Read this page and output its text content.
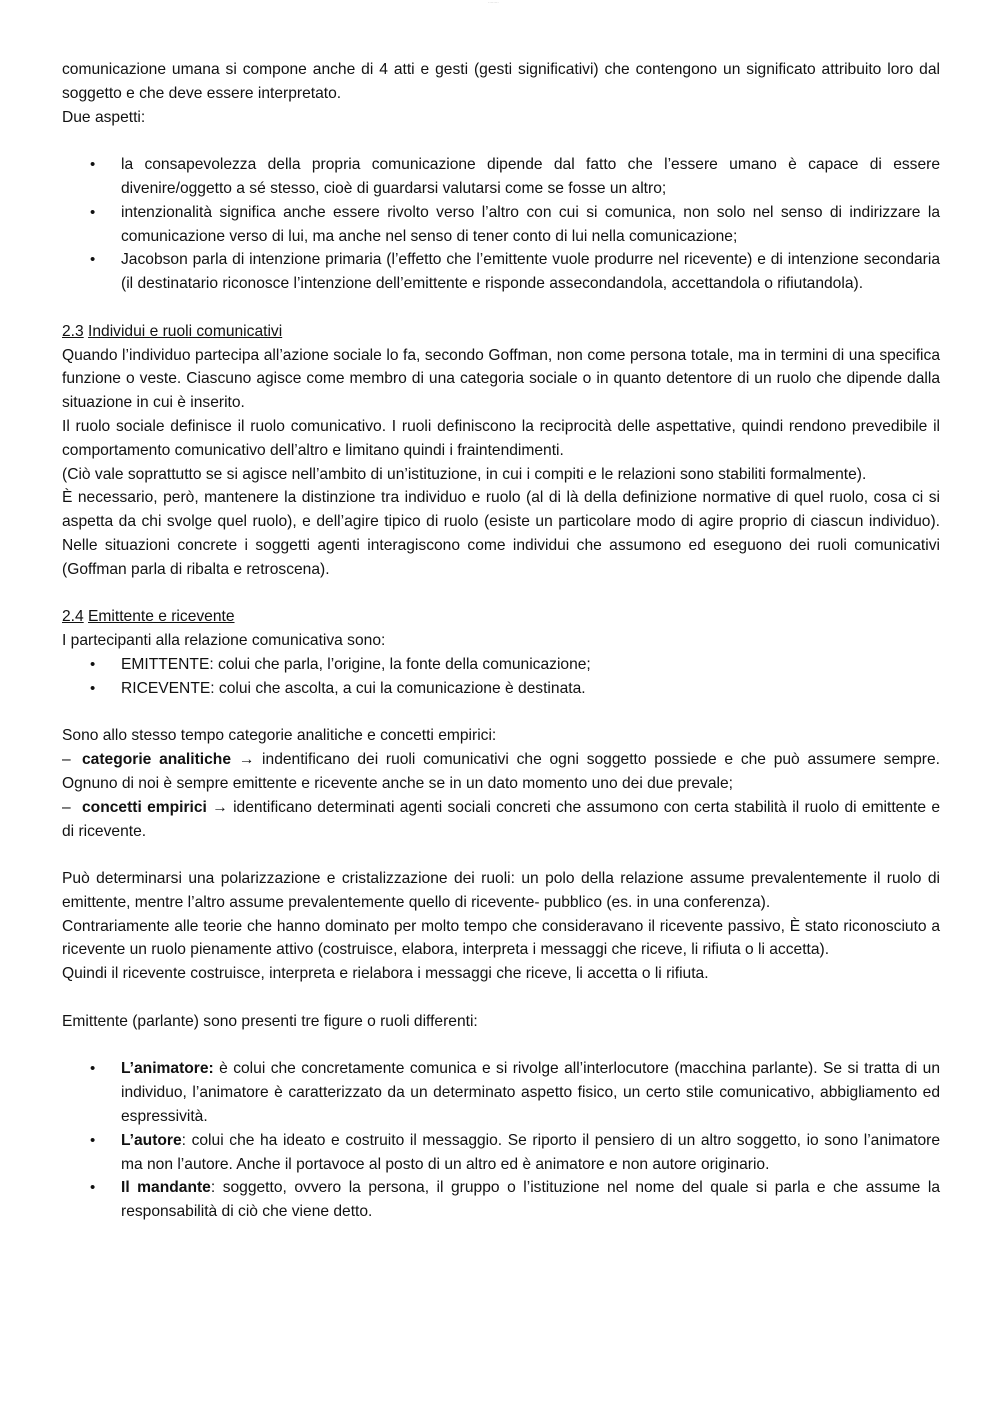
········

comunicazione umana si compone anche di 4 atti e gesti (gesti significativi) che contengono un significato attribuito loro dal soggetto e che deve essere interpretato.

Due aspetti:

• la consapevolezza della propria comunicazione dipende dal fatto che l’essere umano è capace di essere divenire/oggetto a sé stesso, cioè di guardarsi valutarsi come se fosse un altro;
• intenzionalità significa anche essere rivolto verso l’altro con cui si comunica, non solo nel senso di indirizzare la comunicazione verso di lui, ma anche nel senso di tener conto di lui nella comunicazione;
• Jacobson parla di intenzione primaria (l’effetto che l’emittente vuole produrre nel ricevente) e di intenzione secondaria (il destinatario riconosce l’intenzione dell’emittente e risponde assecondandola, accettandola o rifiutandola).

2.3 Individui e ruoli comunicativi

Quando l’individuo partecipa all’azione sociale lo fa, secondo Goffman, non come persona totale, ma in termini di una specifica funzione o veste. Ciascuno agisce come membro di una categoria sociale o in quanto detentore di un ruolo che dipende dalla situazione in cui è inserito.

Il ruolo sociale definisce il ruolo comunicativo. I ruoli definiscono la reciprocità delle aspettative, quindi rendono prevedibile il comportamento comunicativo dell’altro e limitano quindi i fraintendimenti.

(Ciò vale soprattutto se si agisce nell’ambito di un’istituzione, in cui i compiti e le relazioni sono stabiliti formalmente).

È necessario, però, mantenere la distinzione tra individuo e ruolo (al di là della definizione normative di quel ruolo, cosa ci si aspetta da chi svolge quel ruolo), e dell’agire tipico di ruolo (esiste un particolare modo di agire proprio di ciascun individuo). Nelle situazioni concrete i soggetti agenti interagiscono come individui che assumono ed eseguono dei ruoli comunicativi (Goffman parla di ribalta e retroscena).

2.4 Emittente e ricevente

I partecipanti alla relazione comunicativa sono:

• EMITTENTE: colui che parla, l’origine, la fonte della comunicazione;
• RICEVENTE: colui che ascolta, a cui la comunicazione è destinata.

Sono allo stesso tempo categorie analitiche e concetti empirici:

– categorie analitiche → indentificano dei ruoli comunicativi che ogni soggetto possiede e che può assumere sempre. Ognuno di noi è sempre emittente e ricevente anche se in un dato momento uno dei due prevale;

– concetti empirici → identificano determinati agenti sociali concreti che assumono con certa stabilità il ruolo di emittente e di ricevente.

Può determinarsi una polarizzazione e cristalizzazione dei ruoli: un polo della relazione assume prevalentemente il ruolo di emittente, mentre l’altro assume prevalentemente quello di ricevente- pubblico (es. in una conferenza).

Contrariamente alle teorie che hanno dominato per molto tempo che consideravano il ricevente passivo, È stato riconosciuto a ricevente un ruolo pienamente attivo (costruisce, elabora, interpreta i messaggi che riceve, li rifiuta o li accetta).

Quindi il ricevente costruisce, interpreta e rielabora i messaggi che riceve, li accetta o li rifiuta.

Emittente (parlante) sono presenti tre figure o ruoli differenti:

• L’animatore: è colui che concretamente comunica e si rivolge all’interlocutore (macchina parlante). Se si tratta di un individuo, l’animatore è caratterizzato da un determinato aspetto fisico, un certo stile comunicativo, abbigliamento ed espressività.
• L’autore: colui che ha ideato e costruito il messaggio. Se riporto il pensiero di un altro soggetto, io sono l’animatore ma non l’autore. Anche il portavoce al posto di un altro ed è animatore e non autore originario.
• Il mandante: soggetto, ovvero la persona, il gruppo o l’istituzione nel nome del quale si parla e che assume la responsabilità di ciò che viene detto.
